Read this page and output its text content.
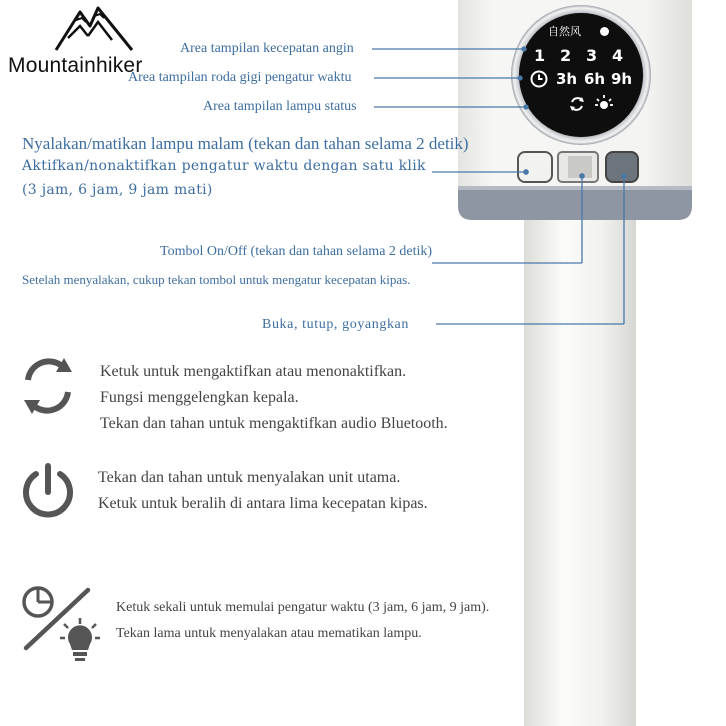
Mountainhiker
自然风
1 2 3 4
3h 6h 9h
Area tampilan kecepatan angin
Area tampilan roda gigi pengatur waktu
Area tampilan lampu status
Nyalakan/matikan lampu malam (tekan dan tahan selama 2 detik)
Aktifkan/nonaktifkan pengatur waktu dengan satu klik
(3 jam, 6 jam, 9 jam mati)
Tombol On/Off (tekan dan tahan selama 2 detik)
Setelah menyalakan, cukup tekan tombol untuk mengatur kecepatan kipas.
Buka, tutup, goyangkan
Ketuk untuk mengaktifkan atau menonaktifkan.
Fungsi menggelengkan kepala.
Tekan dan tahan untuk mengaktifkan audio Bluetooth.
Tekan dan tahan untuk menyalakan unit utama.
Ketuk untuk beralih di antara lima kecepatan kipas.
Ketuk sekali untuk memulai pengatur waktu (3 jam, 6 jam, 9 jam).
Tekan lama untuk menyalakan atau mematikan lampu.
